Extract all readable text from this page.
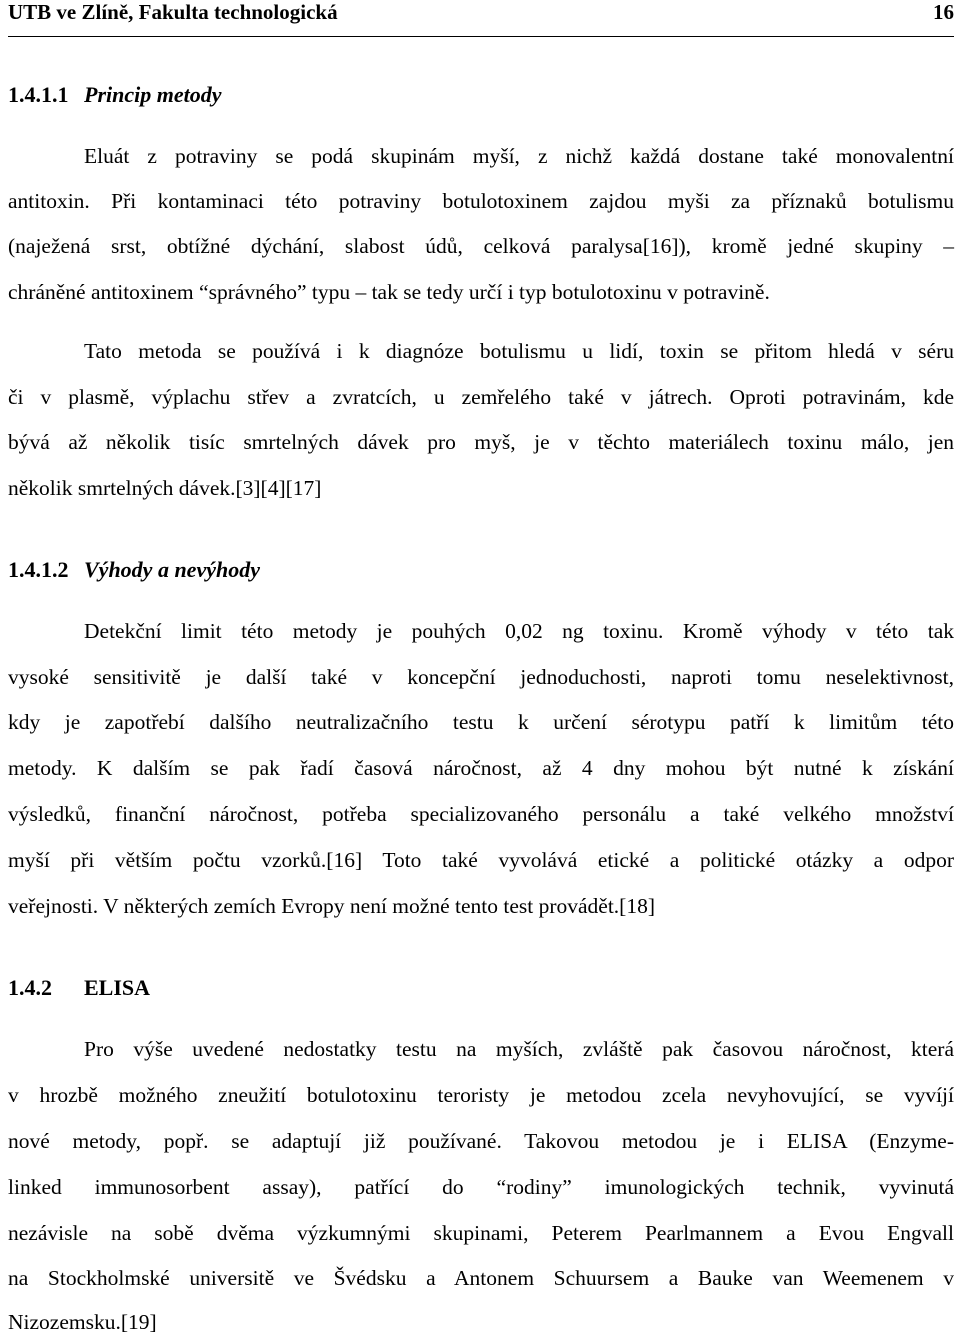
UTB ve Zlíně, Fakulta technologická	16
1.4.1.1 Princip metody
Eluát z potraviny se podá skupinám myší, z nichž každá dostane také monovalentní
antitoxin. Při kontaminaci této potraviny botulotoxinem zajdou myši za příznaků botulismu
(naježená srst, obtížné dýchání, slabost údů, celková paralysa[16]), kromě jedné skupiny –
chráněné antitoxinem “správného” typu – tak se tedy určí i typ botulotoxinu v potravině.
Tato metoda se používá i k diagnóze botulismu u lidí, toxin se přitom hledá v séru
či v plasmě, výplachu střev a zvratcích, u zemřelého také v játrech. Oproti potravinám, kde
bývá až několik tisíc smrtelných dávek pro myš, je v těchto materiálech toxinu málo, jen
několik smrtelných dávek.[3][4][17]
1.4.1.2 Výhody a nevýhody
Detekční limit této metody je pouhých 0,02 ng toxinu. Kromě výhody v této tak
vysoké sensitivitě je další také v koncepční jednoduchosti, naproti tomu neselektivnost,
kdy je zapotřebí dalšího neutralizačního testu k určení sérotypu patří k limitům této
metody. K dalším se pak řadí časová náročnost, až 4 dny mohou být nutné k získání
výsledků, finanční náročnost, potřeba specializovaného personálu a také velkého množství
myší při větším počtu vzorků.[16] Toto také vyvolává etické a politické otázky a odpor
veřejnosti. V některých zemích Evropy není možné tento test provádět.[18]
1.4.2 ELISA
Pro výše uvedené nedostatky testu na myších, zvláště pak časovou náročnost, která
v hrozbě možného zneužití botulotoxinu teroristy je metodou zcela nevyhovující, se vyvíjí
nové metody, popř. se adaptují již používané. Takovou metodou je i ELISA (Enzyme-
linked immunosorbent assay), patřící do “rodiny” imunologických technik, vyvinutá
nezávisle na sobě dvěma výzkumnými skupinami, Peterem Pearlmannem a Evou Engvall
na Stockholmské universitě ve Švédsku a Antonem Schuursem a Bauke van Weemenem v
Nizozemsku.[19]
